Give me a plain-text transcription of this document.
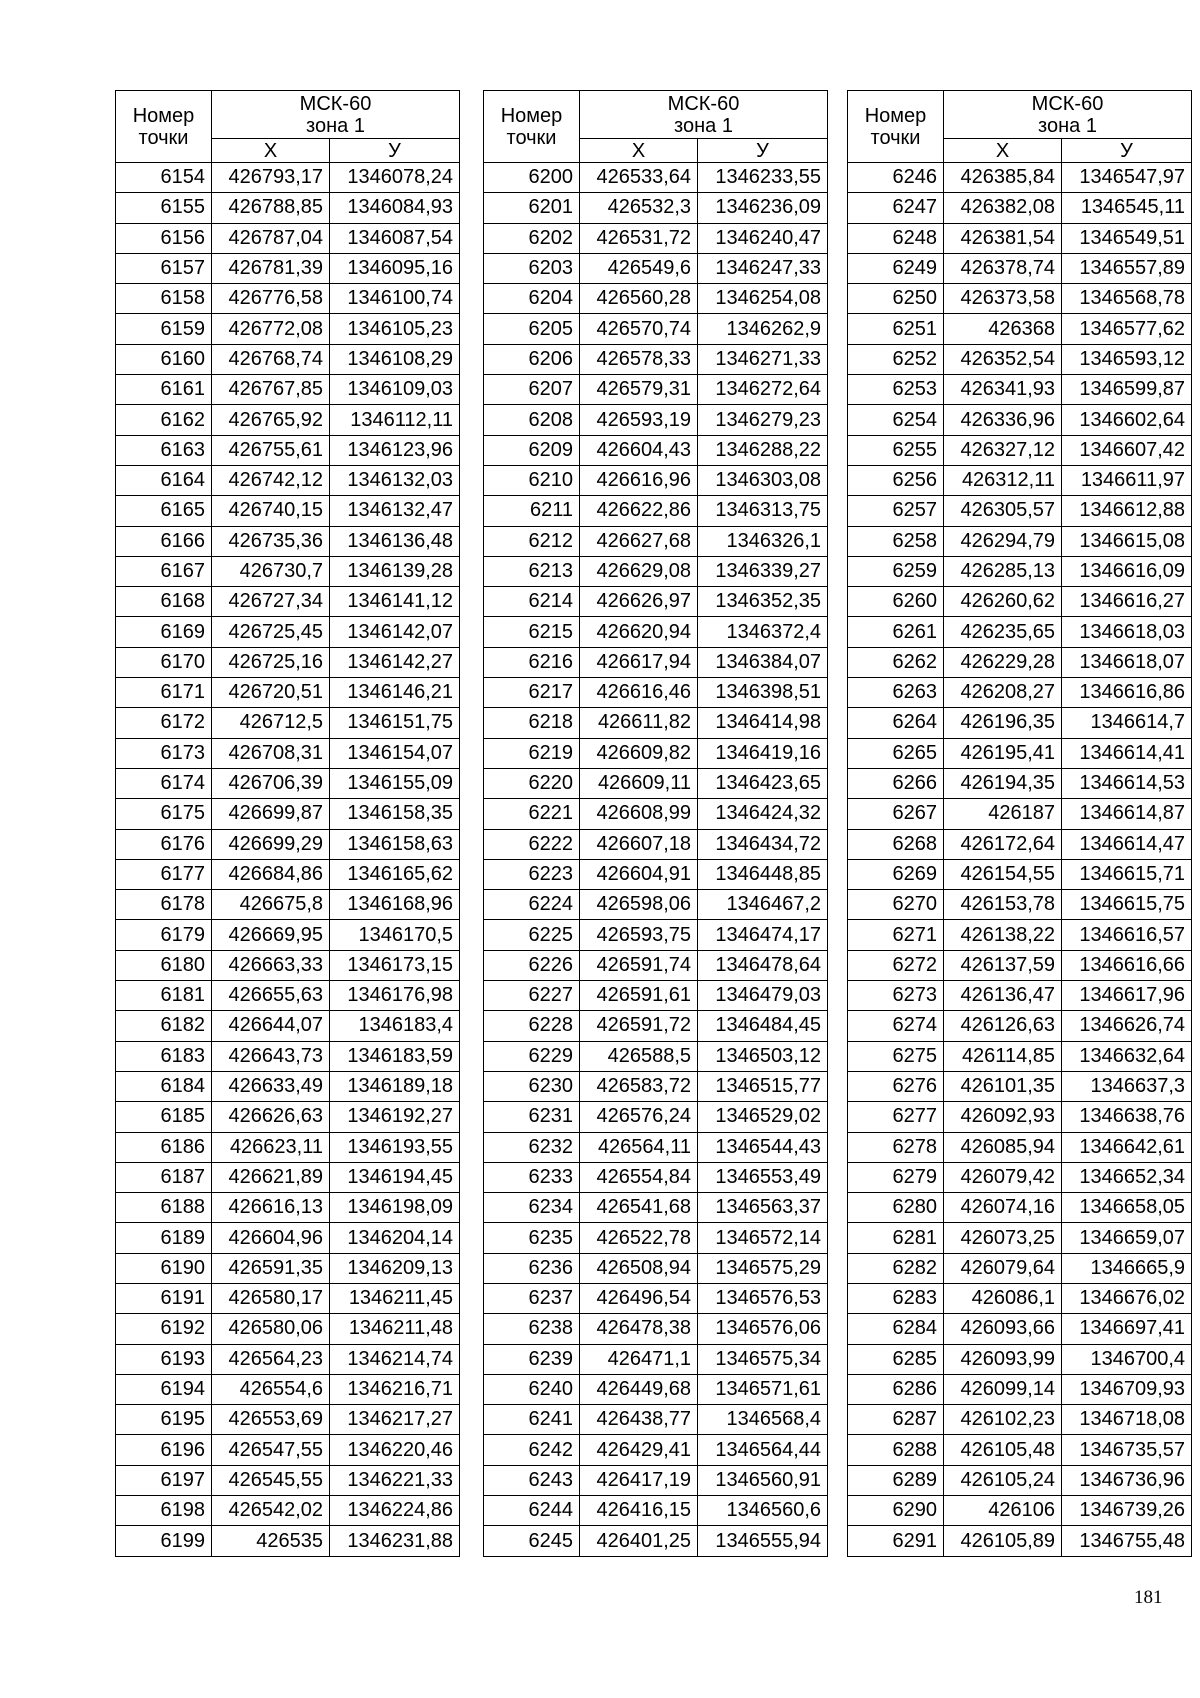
Номер
точки	МСК-60
зона 1	
	Х	У
6154	426793,17	1346078,24
6155	426788,85	1346084,93
6156	426787,04	1346087,54
6157	426781,39	1346095,16
6158	426776,58	1346100,74
6159	426772,08	1346105,23
6160	426768,74	1346108,29
6161	426767,85	1346109,03
6162	426765,92	1346112,11
6163	426755,61	1346123,96
6164	426742,12	1346132,03
6165	426740,15	1346132,47
6166	426735,36	1346136,48
6167	426730,7	1346139,28
6168	426727,34	1346141,12
6169	426725,45	1346142,07
6170	426725,16	1346142,27
6171	426720,51	1346146,21
6172	426712,5	1346151,75
6173	426708,31	1346154,07
6174	426706,39	1346155,09
6175	426699,87	1346158,35
6176	426699,29	1346158,63
6177	426684,86	1346165,62
6178	426675,8	1346168,96
6179	426669,95	1346170,5
6180	426663,33	1346173,15
6181	426655,63	1346176,98
6182	426644,07	1346183,4
6183	426643,73	1346183,59
6184	426633,49	1346189,18
6185	426626,63	1346192,27
6186	426623,11	1346193,55
6187	426621,89	1346194,45
6188	426616,13	1346198,09
6189	426604,96	1346204,14
6190	426591,35	1346209,13
6191	426580,17	1346211,45
6192	426580,06	1346211,48
6193	426564,23	1346214,74
6194	426554,6	1346216,71
6195	426553,69	1346217,27
6196	426547,55	1346220,46
6197	426545,55	1346221,33
6198	426542,02	1346224,86
6199	426535	1346231,88
Номер
точки	МСК-60
зона 1	
	Х	У
6200	426533,64	1346233,55
6201	426532,3	1346236,09
6202	426531,72	1346240,47
6203	426549,6	1346247,33
6204	426560,28	1346254,08
6205	426570,74	1346262,9
6206	426578,33	1346271,33
6207	426579,31	1346272,64
6208	426593,19	1346279,23
6209	426604,43	1346288,22
6210	426616,96	1346303,08
6211	426622,86	1346313,75
6212	426627,68	1346326,1
6213	426629,08	1346339,27
6214	426626,97	1346352,35
6215	426620,94	1346372,4
6216	426617,94	1346384,07
6217	426616,46	1346398,51
6218	426611,82	1346414,98
6219	426609,82	1346419,16
6220	426609,11	1346423,65
6221	426608,99	1346424,32
6222	426607,18	1346434,72
6223	426604,91	1346448,85
6224	426598,06	1346467,2
6225	426593,75	1346474,17
6226	426591,74	1346478,64
6227	426591,61	1346479,03
6228	426591,72	1346484,45
6229	426588,5	1346503,12
6230	426583,72	1346515,77
6231	426576,24	1346529,02
6232	426564,11	1346544,43
6233	426554,84	1346553,49
6234	426541,68	1346563,37
6235	426522,78	1346572,14
6236	426508,94	1346575,29
6237	426496,54	1346576,53
6238	426478,38	1346576,06
6239	426471,1	1346575,34
6240	426449,68	1346571,61
6241	426438,77	1346568,4
6242	426429,41	1346564,44
6243	426417,19	1346560,91
6244	426416,15	1346560,6
6245	426401,25	1346555,94
Номер
точки	МСК-60
зона 1	
	Х	У
6246	426385,84	1346547,97
6247	426382,08	1346545,11
6248	426381,54	1346549,51
6249	426378,74	1346557,89
6250	426373,58	1346568,78
6251	426368	1346577,62
6252	426352,54	1346593,12
6253	426341,93	1346599,87
6254	426336,96	1346602,64
6255	426327,12	1346607,42
6256	426312,11	1346611,97
6257	426305,57	1346612,88
6258	426294,79	1346615,08
6259	426285,13	1346616,09
6260	426260,62	1346616,27
6261	426235,65	1346618,03
6262	426229,28	1346618,07
6263	426208,27	1346616,86
6264	426196,35	1346614,7
6265	426195,41	1346614,41
6266	426194,35	1346614,53
6267	426187	1346614,87
6268	426172,64	1346614,47
6269	426154,55	1346615,71
6270	426153,78	1346615,75
6271	426138,22	1346616,57
6272	426137,59	1346616,66
6273	426136,47	1346617,96
6274	426126,63	1346626,74
6275	426114,85	1346632,64
6276	426101,35	1346637,3
6277	426092,93	1346638,76
6278	426085,94	1346642,61
6279	426079,42	1346652,34
6280	426074,16	1346658,05
6281	426073,25	1346659,07
6282	426079,64	1346665,9
6283	426086,1	1346676,02
6284	426093,66	1346697,41
6285	426093,99	1346700,4
6286	426099,14	1346709,93
6287	426102,23	1346718,08
6288	426105,48	1346735,57
6289	426105,24	1346736,96
6290	426106	1346739,26
6291	426105,89	1346755,48
181
